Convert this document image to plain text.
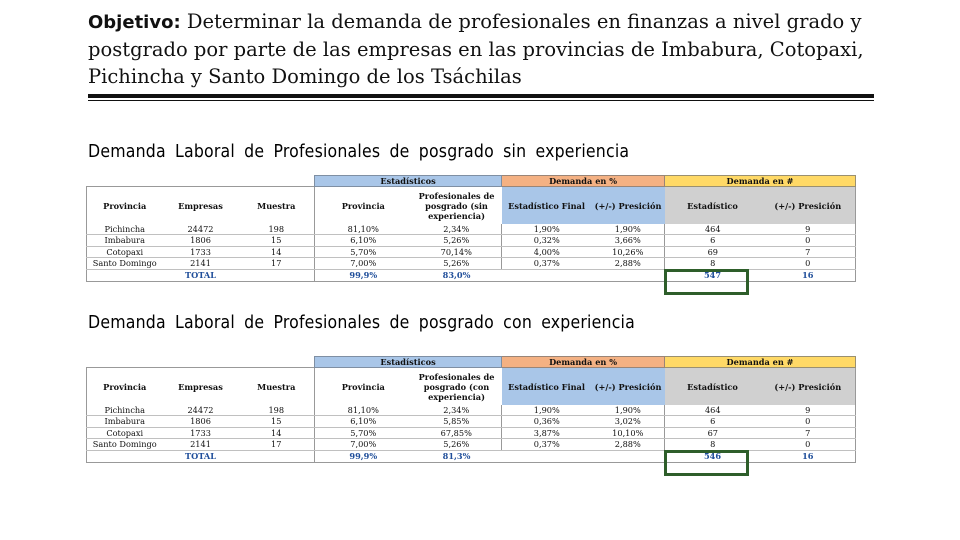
Objetivo: Determinar la demanda de profesionales en finanzas a nivel grado y postgrado por parte de las empresas en las provincias de Imbabura, Cotopaxi, Pichincha y Santo Domingo de los Tsáchilas
Demanda Laboral de Profesionales de posgrado sin experiencia
			Estadísticos		Demanda en %		Demanda en #	
Provincia	Empresas	Muestra	Provincia	Profesionales de posgrado (sin experiencia)	Estadístico Final	(+/-) Presición	Estadístico	(+/-) Presición
Pichincha	24472	198	81,10%	2,34%	1,90%	1,90%	464	9
Imbabura	1806	15	6,10%	5,26%	0,32%	3,66%	6	0
Cotopaxi	1733	14	5,70%	70,14%	4,00%	10,26%	69	7
Santo Domingo	2141	17	7,00%	5,26%	0,37%	2,88%	8	0
	TOTAL		99,9%	83,0%			547	16
Demanda Laboral de Profesionales de posgrado con experiencia
			Estadísticos		Demanda en %		Demanda en #	
Provincia	Empresas	Muestra	Provincia	Profesionales de posgrado (con experiencia)	Estadístico Final	(+/-) Presición	Estadístico	(+/-) Presición
Pichincha	24472	198	81,10%	2,34%	1,90%	1,90%	464	9
Imbabura	1806	15	6,10%	5,85%	0,36%	3,02%	6	0
Cotopaxi	1733	14	5,70%	67,85%	3,87%	10,10%	67	7
Santo Domingo	2141	17	7,00%	5,26%	0,37%	2,88%	8	0
	TOTAL		99,9%	81,3%			546	16
